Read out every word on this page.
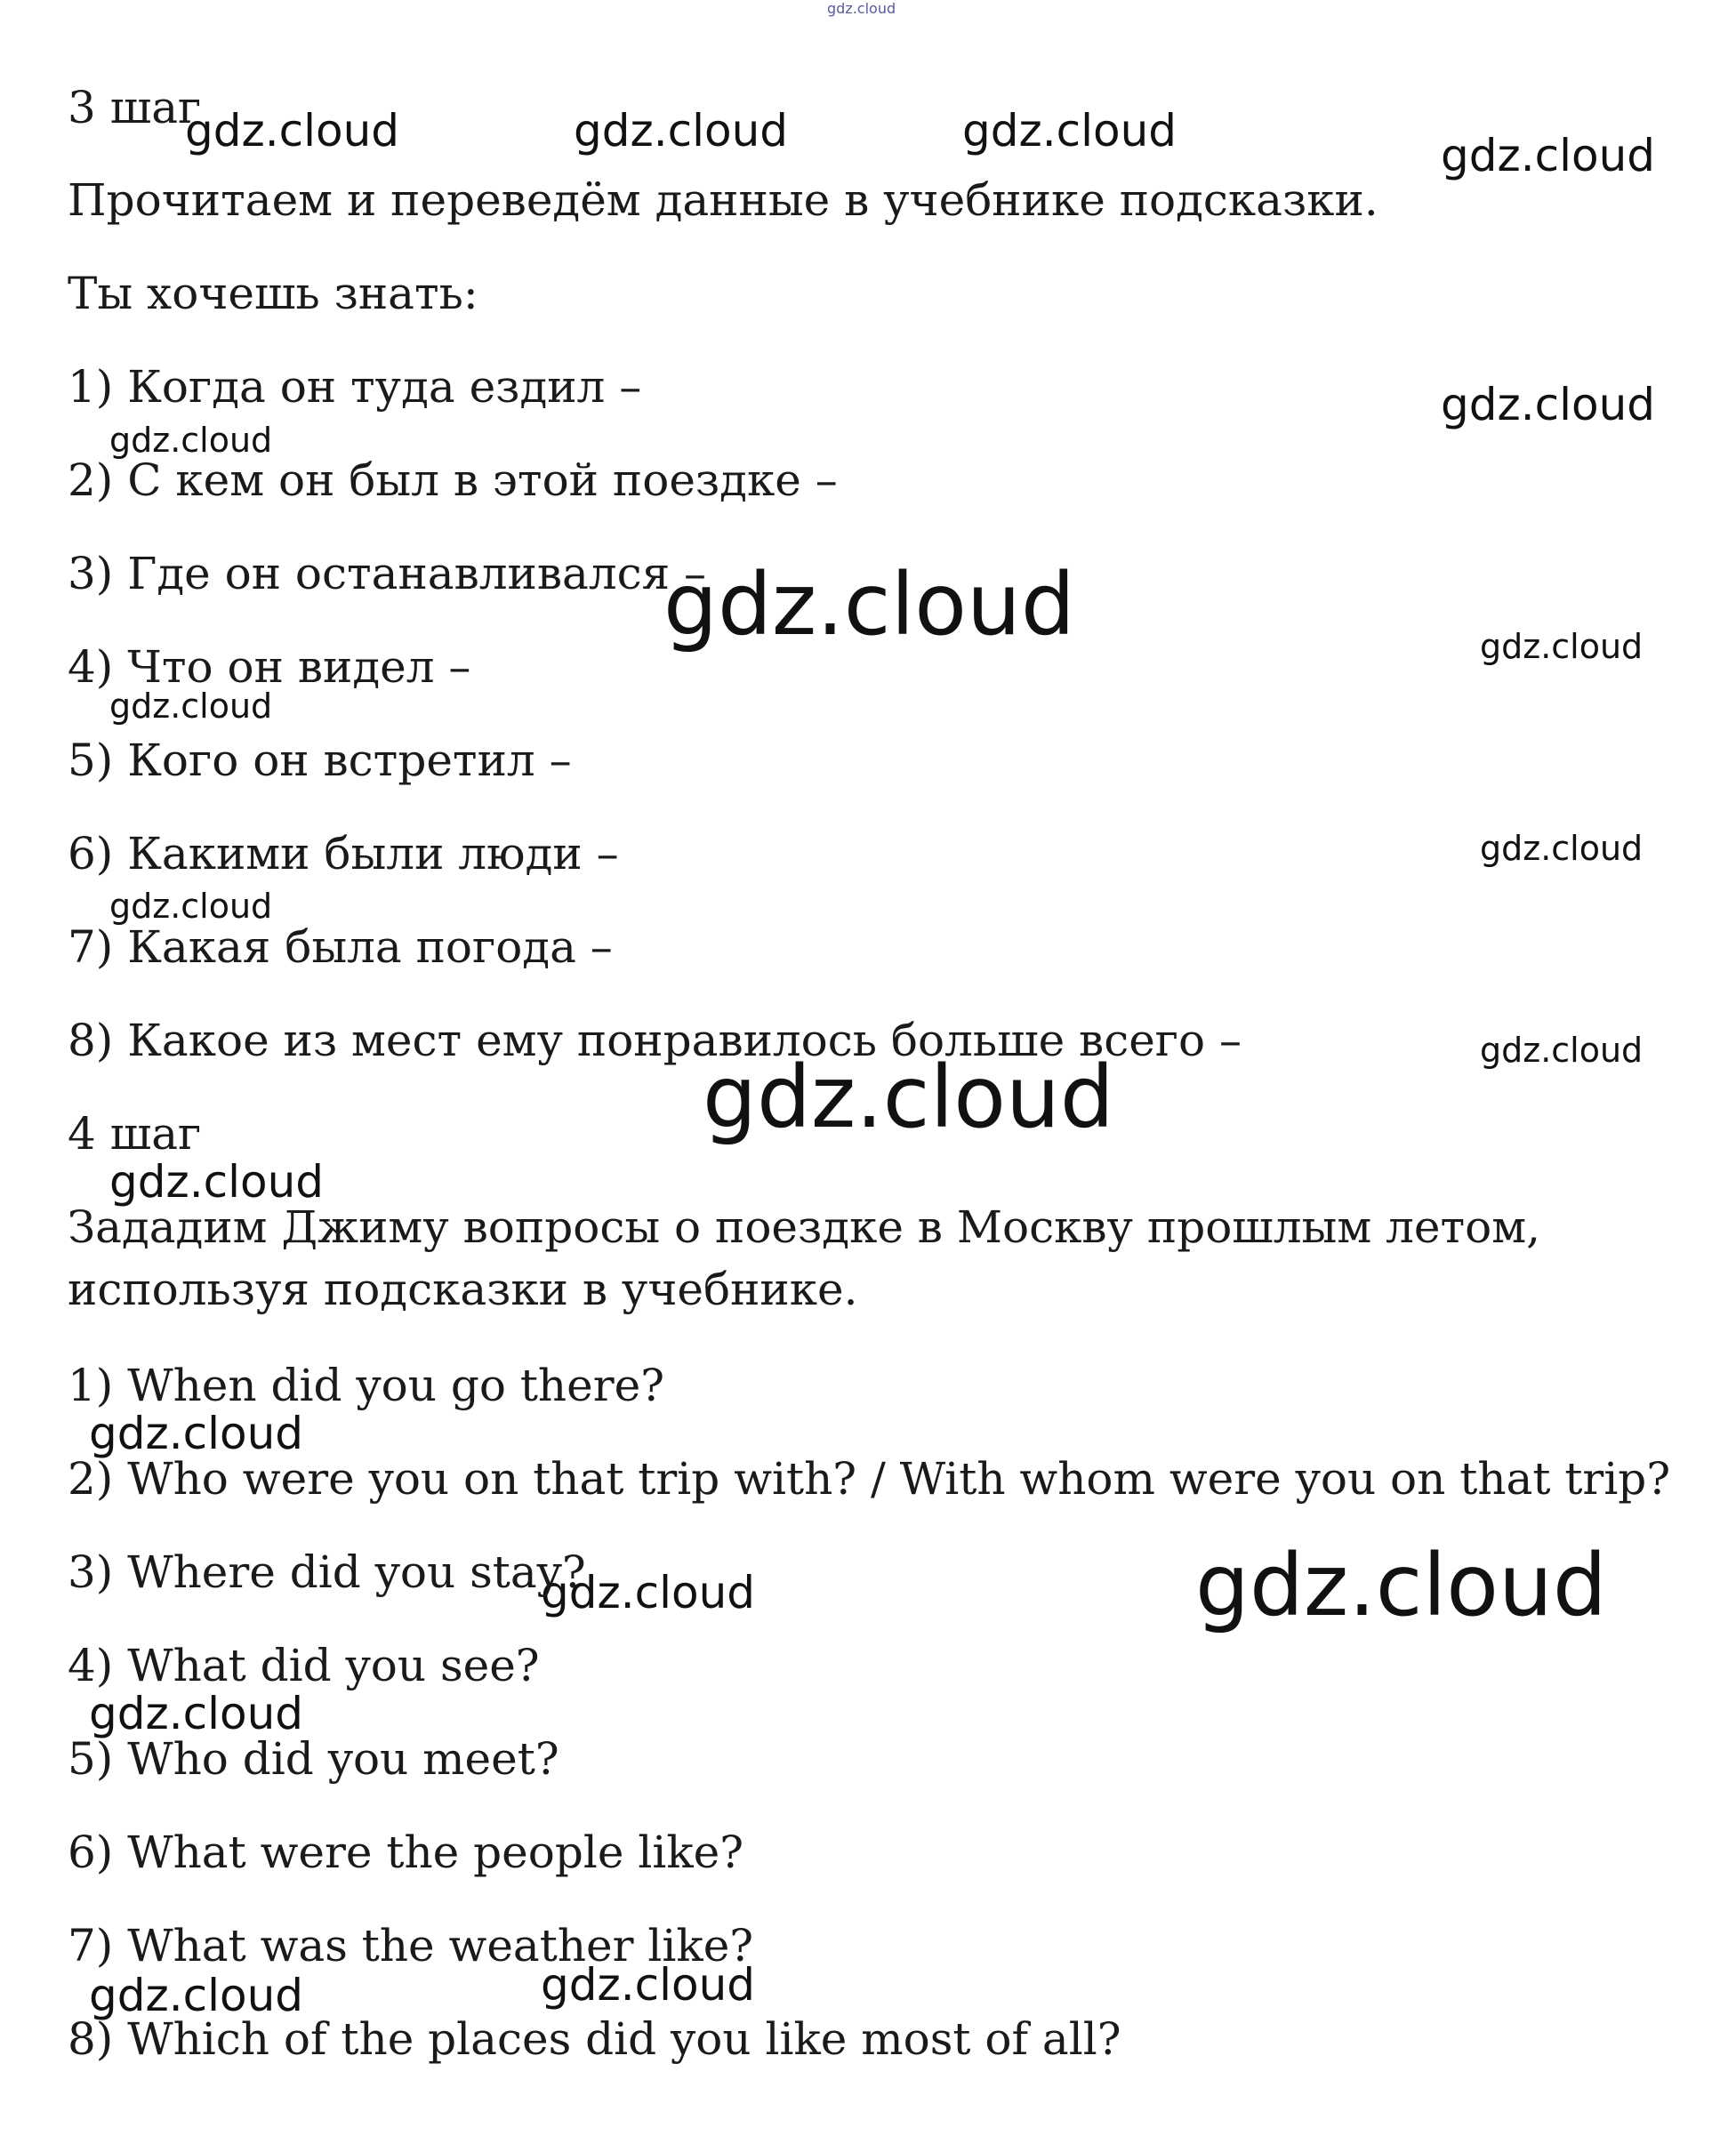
gdz.cloud
gdz.cloud	gdz.cloud	gdz.cloud	gdz.cloud
gdz.cloud
gdz.cloud
gdz.cloud	gdz.cloud
gdz.cloud
gdz.cloud
gdz.cloud
gdz.cloud
gdz.cloud
gdz.cloud
gdz.cloud
gdz.cloud	gdz.cloud
gdz.cloud
gdz.cloud	gdz.cloud

3 шаг

Прочитаем и переведём данные в учебнике подсказки.

Ты хочешь знать:

1) Когда он туда ездил –

2) С кем он был в этой поездке –

3) Где он останавливался –

4) Что он видел –

5) Кого он встретил –

6) Какими были люди –

7) Какая была погода –

8) Какое из мест ему понравилось больше всего –

4 шаг

Зададим Джиму вопросы о поездке в Москву прошлым летом, используя подсказки в учебнике.

1) When did you go there?

2) Who were you on that trip with? / With whom were you on that trip?

3) Where did you stay?

4) What did you see?

5) Who did you meet?

6) What were the people like?

7) What was the weather like?

8) Which of the places did you like most of all?
